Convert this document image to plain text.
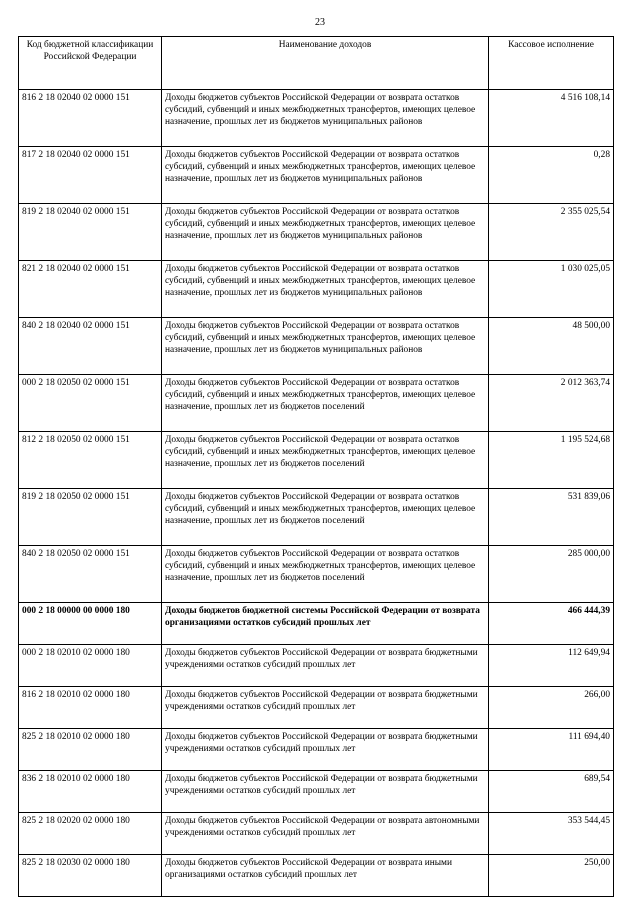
23
Код бюджетной классификации Российской Федерации	Наименование доходов	Кассовое исполнение
816 2 18 02040 02 0000 151	Доходы бюджетов субъектов Российской Федерации от возврата остатков субсидий, субвенций и иных межбюджетных трансфертов, имеющих целевое назначение, прошлых лет из бюджетов муниципальных районов	4 516 108,14
817 2 18 02040 02 0000 151	Доходы бюджетов субъектов Российской Федерации от возврата остатков субсидий, субвенций и иных межбюджетных трансфертов, имеющих целевое назначение, прошлых лет из бюджетов муниципальных районов	0,28
819 2 18 02040 02 0000 151	Доходы бюджетов субъектов Российской Федерации от возврата остатков субсидий, субвенций и иных межбюджетных трансфертов, имеющих целевое назначение, прошлых лет из бюджетов муниципальных районов	2 355 025,54
821 2 18 02040 02 0000 151	Доходы бюджетов субъектов Российской Федерации от возврата остатков субсидий, субвенций и иных межбюджетных трансфертов, имеющих целевое назначение, прошлых лет из бюджетов муниципальных районов	1 030 025,05
840 2 18 02040 02 0000 151	Доходы бюджетов субъектов Российской Федерации от возврата остатков субсидий, субвенций и иных межбюджетных трансфертов, имеющих целевое назначение, прошлых лет из бюджетов муниципальных районов	48 500,00
000 2 18 02050 02 0000 151	Доходы бюджетов субъектов Российской Федерации от возврата остатков субсидий, субвенций и иных межбюджетных трансфертов, имеющих целевое назначение, прошлых лет из бюджетов поселений	2 012 363,74
812 2 18 02050 02 0000 151	Доходы бюджетов субъектов Российской Федерации от возврата остатков субсидий, субвенций и иных межбюджетных трансфертов, имеющих целевое назначение, прошлых лет из бюджетов поселений	1 195 524,68
819 2 18 02050 02 0000 151	Доходы бюджетов субъектов Российской Федерации от возврата остатков субсидий, субвенций и иных межбюджетных трансфертов, имеющих целевое назначение, прошлых лет из бюджетов поселений	531 839,06
840 2 18 02050 02 0000 151	Доходы бюджетов субъектов Российской Федерации от возврата остатков субсидий, субвенций и иных межбюджетных трансфертов, имеющих целевое назначение, прошлых лет из бюджетов поселений	285 000,00
000 2 18 00000 00 0000 180	Доходы бюджетов бюджетной системы Российской Федерации от возврата организациями остатков субсидий прошлых лет	466 444,39
000 2 18 02010 02 0000 180	Доходы бюджетов субъектов Российской Федерации от возврата бюджетными учреждениями остатков субсидий прошлых лет	112 649,94
816 2 18 02010 02 0000 180	Доходы бюджетов субъектов Российской Федерации от возврата бюджетными учреждениями остатков субсидий прошлых лет	266,00
825 2 18 02010 02 0000 180	Доходы бюджетов субъектов Российской Федерации от возврата бюджетными учреждениями остатков субсидий прошлых лет	111 694,40
836 2 18 02010 02 0000 180	Доходы бюджетов субъектов Российской Федерации от возврата бюджетными учреждениями остатков субсидий прошлых лет	689,54
825 2 18 02020 02 0000 180	Доходы бюджетов субъектов Российской Федерации от возврата автономными учреждениями остатков субсидий прошлых лет	353 544,45
825 2 18 02030 02 0000 180	Доходы бюджетов субъектов Российской Федерации от возврата иными организациями остатков субсидий прошлых лет	250,00
